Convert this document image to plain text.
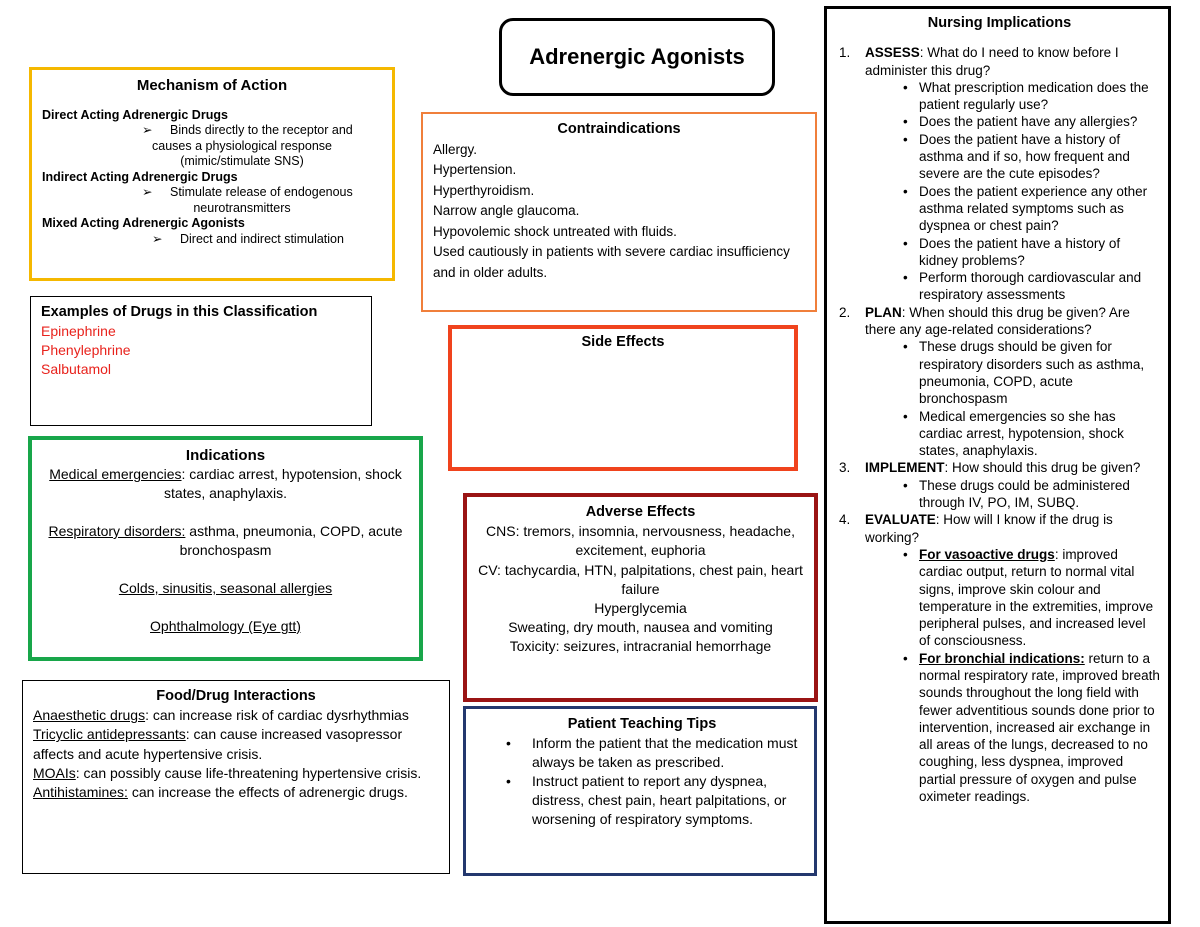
Adrenergic Agonists
Mechanism of Action
Direct Acting Adrenergic Drugs
➢ Binds directly to the receptor and
causes a physiological response
(mimic/stimulate SNS)
Indirect Acting Adrenergic Drugs
➢ Stimulate release of endogenous
neurotransmitters
Mixed Acting Adrenergic Agonists
➢ Direct and indirect stimulation
Examples of Drugs in this Classification
Epinephrine
Phenylephrine
Salbutamol
Indications
Medical emergencies: cardiac arrest, hypotension, shock states, anaphylaxis.
Respiratory disorders: asthma, pneumonia, COPD, acute bronchospasm
Colds, sinusitis, seasonal allergies
Ophthalmology (Eye gtt)
Food/Drug Interactions
Anaesthetic drugs: can increase risk of cardiac dysrhythmias
Tricyclic antidepressants: can cause increased vasopressor affects and acute hypertensive crisis.
MOAIs: can possibly cause life-threatening hypertensive crisis.
Antihistamines: can increase the effects of adrenergic drugs.
Contraindications
Allergy.
Hypertension.
Hyperthyroidism.
Narrow angle glaucoma.
Hypovolemic shock untreated with fluids.
Used cautiously in patients with severe cardiac insufficiency and in older adults.
Side Effects
Adverse Effects
CNS: tremors, insomnia, nervousness, headache, excitement, euphoria
CV: tachycardia, HTN, palpitations, chest pain, heart failure
Hyperglycemia
Sweating, dry mouth, nausea and vomiting
Toxicity: seizures, intracranial hemorrhage
Patient Teaching Tips
• Inform the patient that the medication must always be taken as prescribed.
• Instruct patient to report any dyspnea, distress, chest pain, heart palpitations, or worsening of respiratory symptoms.
Nursing Implications
1. ASSESS: What do I need to know before I administer this drug?
• What prescription medication does the patient regularly use?
• Does the patient have any allergies?
• Does the patient have a history of asthma and if so, how frequent and severe are the cute episodes?
• Does the patient experience any other asthma related symptoms such as dyspnea or chest pain?
• Does the patient have a history of kidney problems?
• Perform thorough cardiovascular and respiratory assessments
2. PLAN: When should this drug be given? Are there any age-related considerations?
• These drugs should be given for respiratory disorders such as asthma, pneumonia, COPD, acute bronchospasm
• Medical emergencies so she has cardiac arrest, hypotension, shock states, anaphylaxis.
3. IMPLEMENT: How should this drug be given?
• These drugs could be administered through IV, PO, IM, SUBQ.
4. EVALUATE: How will I know if the drug is working?
• For vasoactive drugs: improved cardiac output, return to normal vital signs, improve skin colour and temperature in the extremities, improve peripheral pulses, and increased level of consciousness.
• For bronchial indications: return to a normal respiratory rate, improved breath sounds throughout the long field with fewer adventitious sounds done prior to intervention, increased air exchange in all areas of the lungs, decreased to no coughing, less dyspnea, improved partial pressure of oxygen and pulse oximeter readings.
